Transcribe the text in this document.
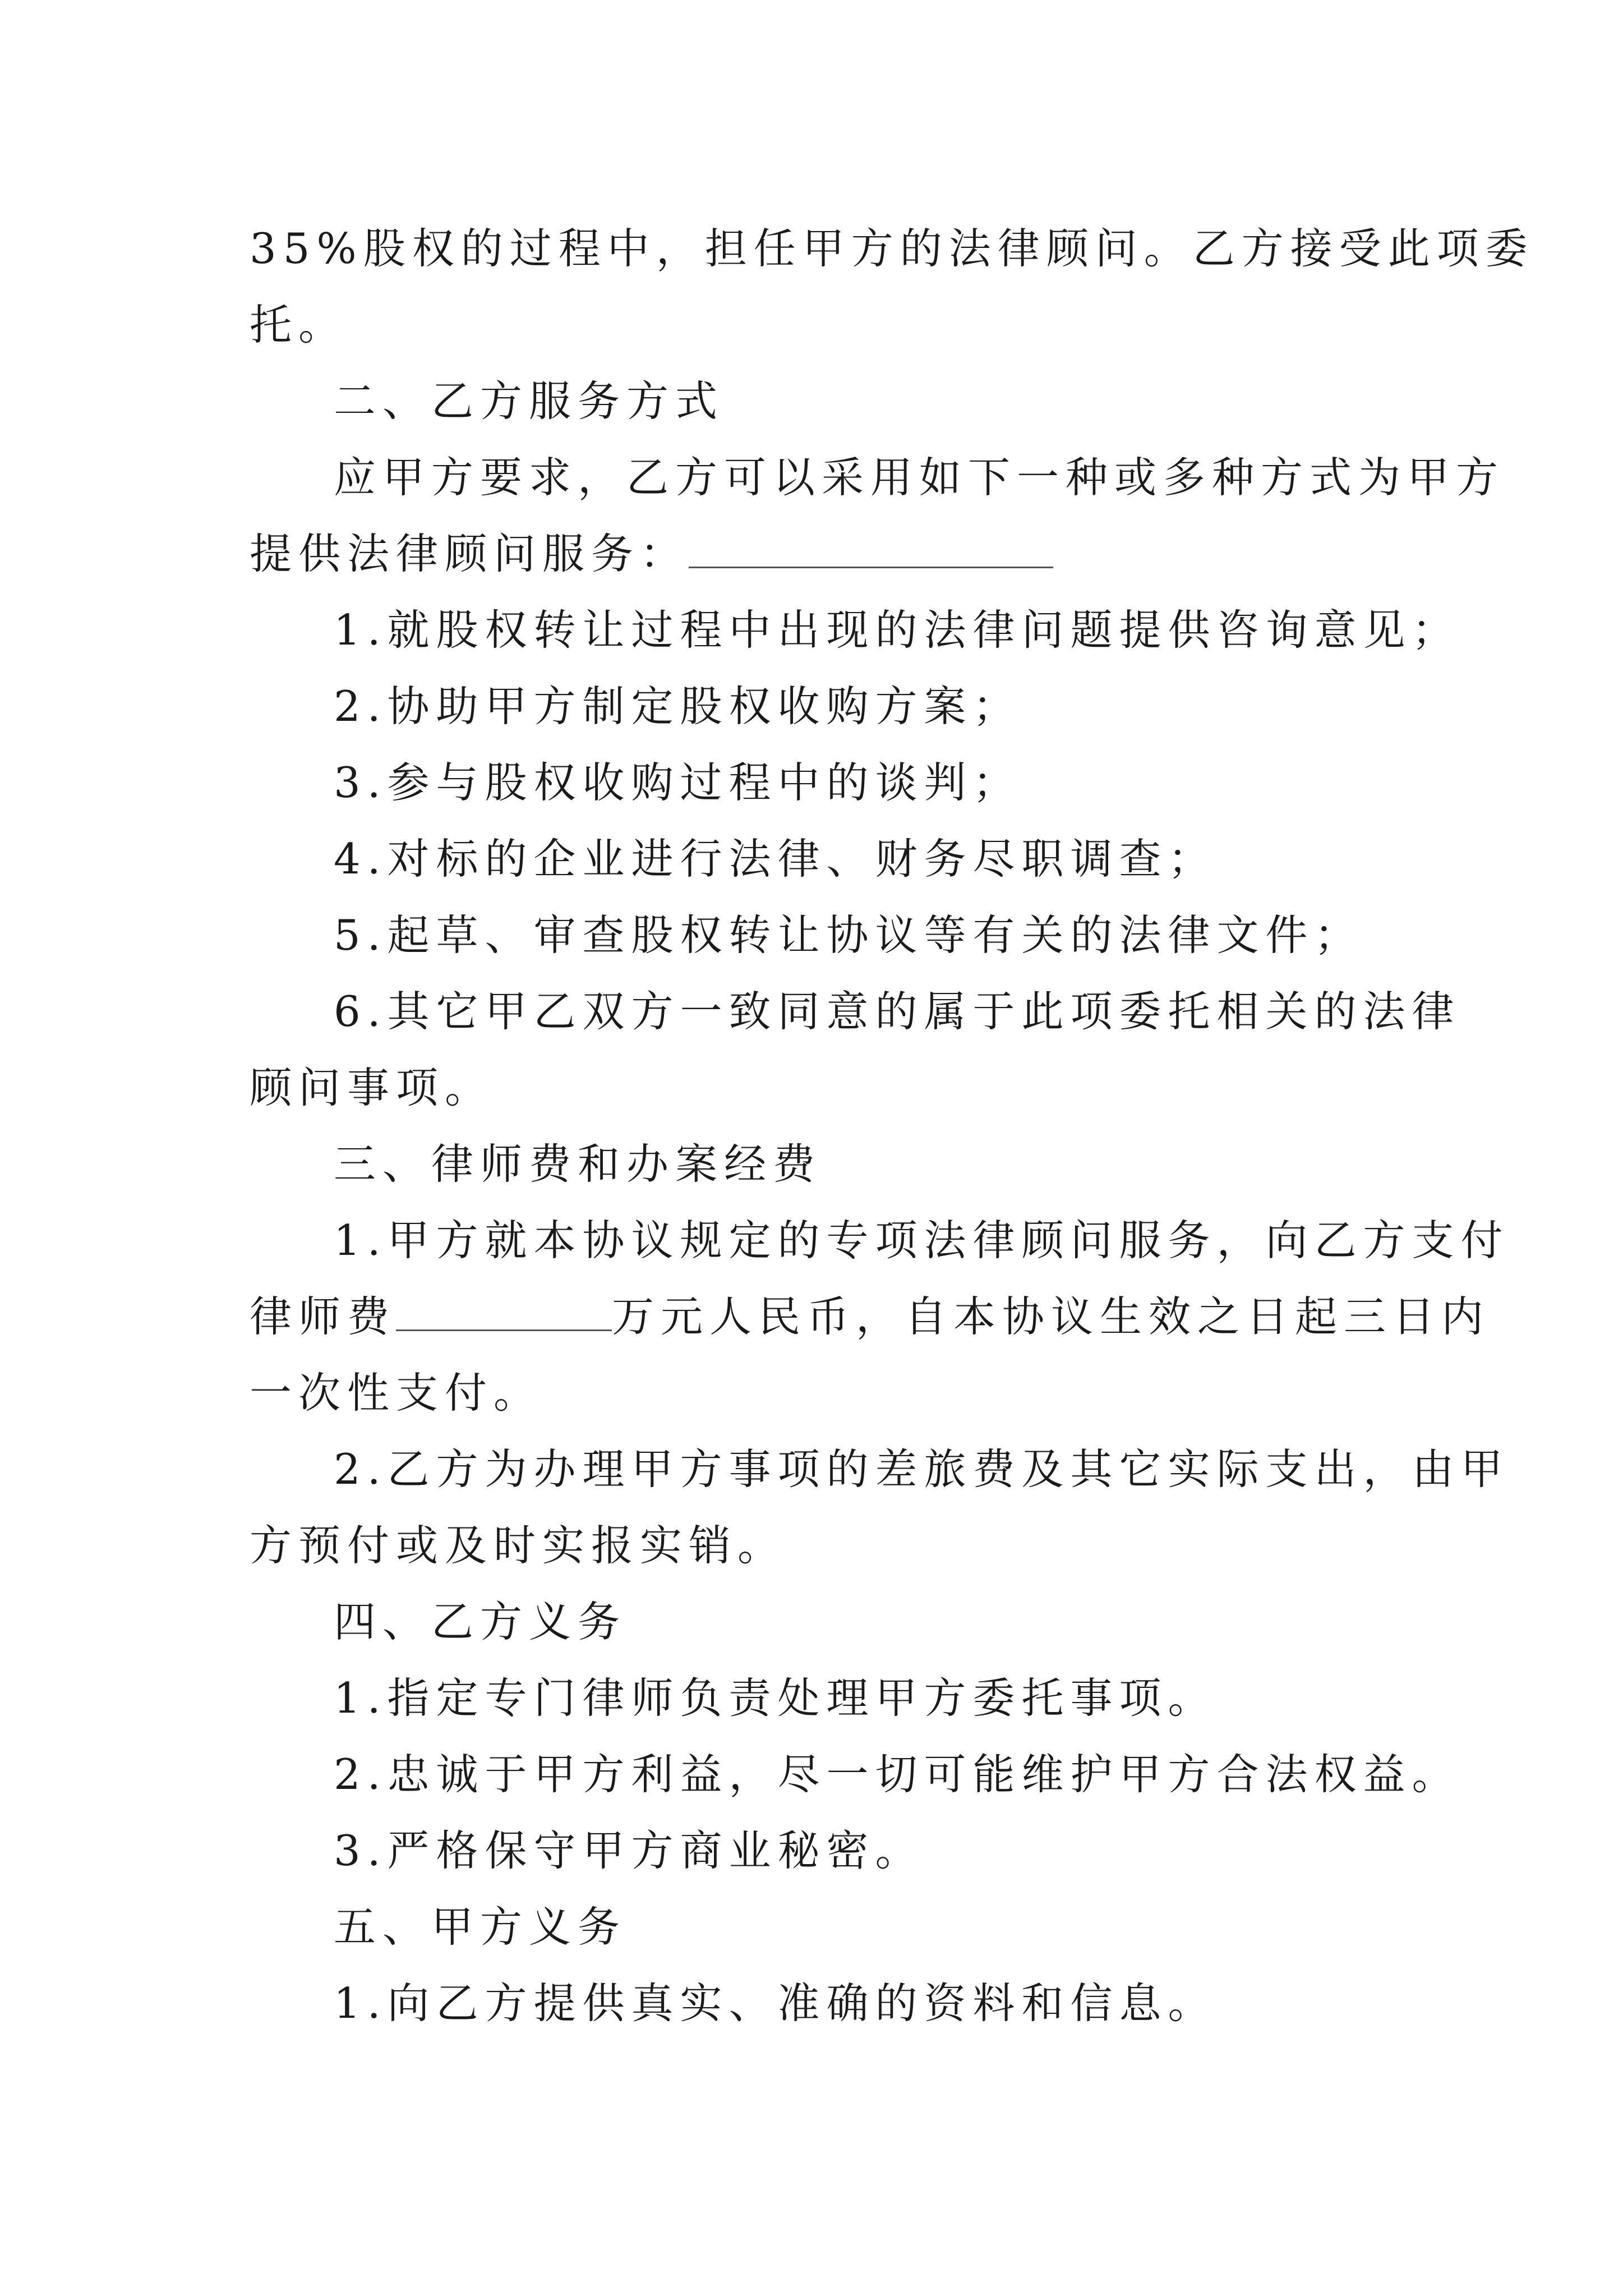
35%股权的过程中，担任甲方的法律顾问。乙方接受此项委

托。

二、乙方服务方式

应甲方要求，乙方可以采用如下一种或多种方式为甲方

提供法律顾问服务：

1.就股权转让过程中出现的法律问题提供咨询意见；

2.协助甲方制定股权收购方案；

3.参与股权收购过程中的谈判；

4.对标的企业进行法律、财务尽职调查；

5.起草、审查股权转让协议等有关的法律文件；

6.其它甲乙双方一致同意的属于此项委托相关的法律

顾问事项。

三、律师费和办案经费

1.甲方就本协议规定的专项法律顾问服务，向乙方支付

律师费	万元人民币，自本协议生效之日起三日内

一次性支付。

2.乙方为办理甲方事项的差旅费及其它实际支出，由甲

方预付或及时实报实销。

四、乙方义务

1.指定专门律师负责处理甲方委托事项。

2.忠诚于甲方利益，尽一切可能维护甲方合法权益。

3.严格保守甲方商业秘密。

五、甲方义务

1.向乙方提供真实、准确的资料和信息。
